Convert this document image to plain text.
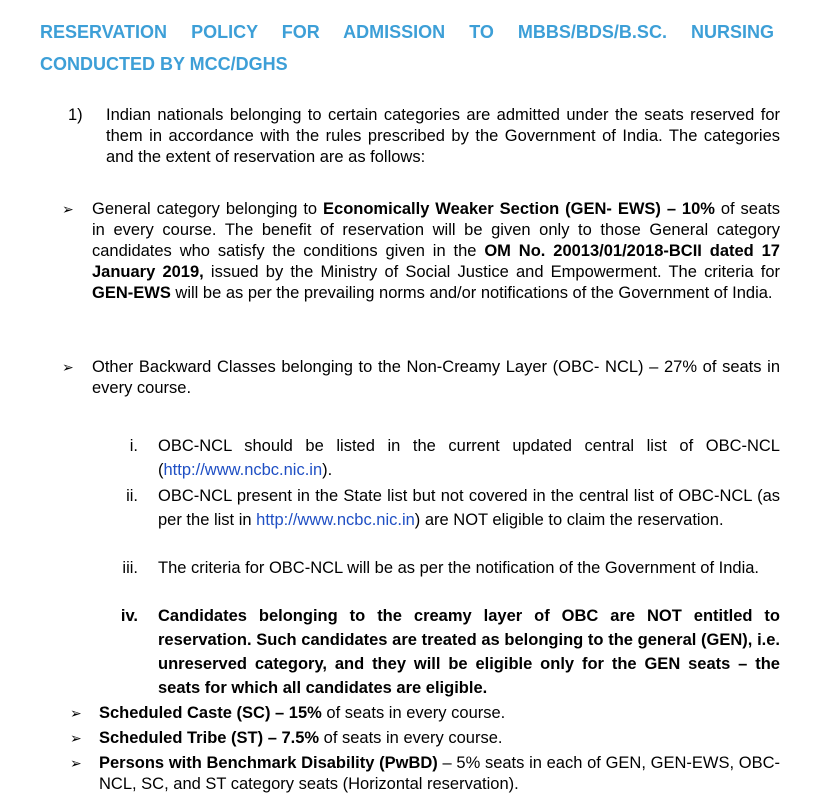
RESERVATION POLICY FOR ADMISSION TO MBBS/BDS/B.SC. NURSING CONDUCTED BY MCC/DGHS
1) Indian nationals belonging to certain categories are admitted under the seats reserved for them in accordance with the rules prescribed by the Government of India. The categories and the extent of reservation are as follows:

➢ General category belonging to Economically Weaker Section (GEN- EWS) – 10% of seats in every course. The benefit of reservation will be given only to those General category candidates who satisfy the conditions given in the OM No. 20013/01/2018-BCII dated 17 January 2019, issued by the Ministry of Social Justice and Empowerment. The criteria for GEN-EWS will be as per the prevailing norms and/or notifications of the Government of India.

➢ Other Backward Classes belonging to the Non-Creamy Layer (OBC- NCL) – 27% of seats in every course.

i. OBC-NCL should be listed in the current updated central list of OBC-NCL (http://www.ncbc.nic.in).

ii. OBC-NCL present in the State list but not covered in the central list of OBC-NCL (as per the list in http://www.ncbc.nic.in) are NOT eligible to claim the reservation.

iii. The criteria for OBC-NCL will be as per the notification of the Government of India.

iv. Candidates belonging to the creamy layer of OBC are NOT entitled to reservation. Such candidates are treated as belonging to the general (GEN), i.e. unreserved category, and they will be eligible only for the GEN seats – the seats for which all candidates are eligible.

➢ Scheduled Caste (SC) – 15% of seats in every course.

➢ Scheduled Tribe (ST) – 7.5% of seats in every course.

➢ Persons with Benchmark Disability (PwBD) – 5% seats in each of GEN, GEN-EWS, OBC-NCL, SC, and ST category seats (Horizontal reservation).
